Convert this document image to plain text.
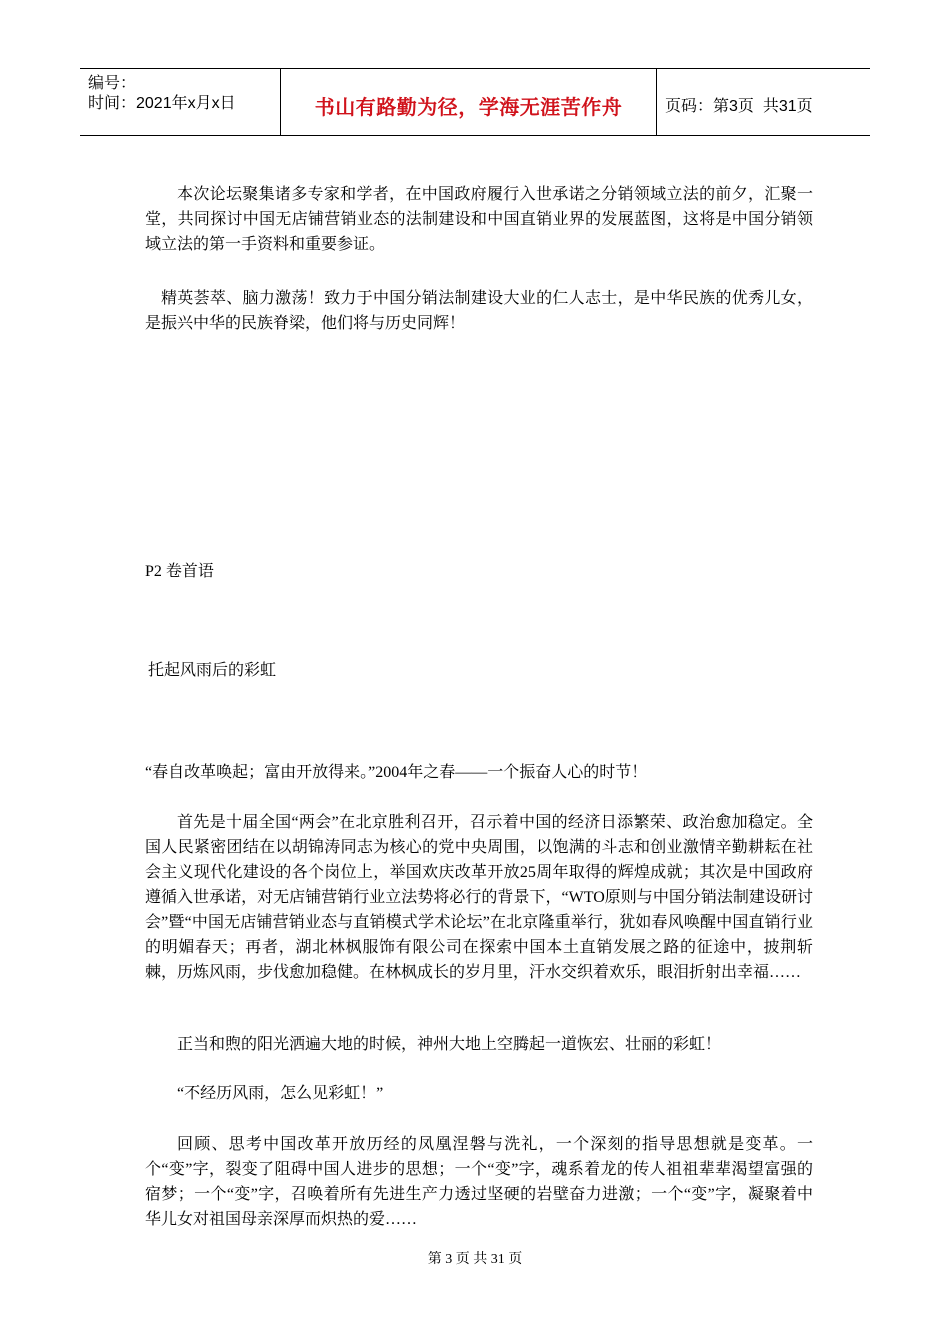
编号：
时间：2021年x月x日	书山有路勤为径，学海无涯苦作舟	页码：第3页  共31页

本次论坛聚集诸多专家和学者，在中国政府履行入世承诺之分销领域立法的前夕，汇聚一堂，共同探讨中国无店铺营销业态的法制建设和中国直销业界的发展蓝图，这将是中国分销领域立法的第一手资料和重要参证。

精英荟萃、脑力激荡！致力于中国分销法制建设大业的仁人志士，是中华民族的优秀儿女，是振兴中华的民族脊梁，他们将与历史同辉！

P2 卷首语

托起风雨后的彩虹

“春自改革唤起；富由开放得来。”2004年之春——一个振奋人心的时节！

首先是十届全国“两会”在北京胜利召开，召示着中国的经济日添繁荣、政治愈加稳定。全国人民紧密团结在以胡锦涛同志为核心的党中央周围，以饱满的斗志和创业激情辛勤耕耘在社会主义现代化建设的各个岗位上，举国欢庆改革开放25周年取得的辉煌成就；其次是中国政府遵循入世承诺，对无店铺营销行业立法势将必行的背景下，“WTO原则与中国分销法制建设研讨会”暨“中国无店铺营销业态与直销模式学术论坛”在北京隆重举行，犹如春风唤醒中国直销行业的明媚春天；再者，湖北林枫服饰有限公司在探索中国本土直销发展之路的征途中，披荆斩棘，历炼风雨，步伐愈加稳健。在林枫成长的岁月里，汗水交织着欢乐，眼泪折射出幸福……

正当和煦的阳光洒遍大地的时候，神州大地上空腾起一道恢宏、壮丽的彩虹！

“不经历风雨，怎么见彩虹！”

回顾、思考中国改革开放历经的凤凰涅磐与洗礼，一个深刻的指导思想就是变革。一个“变”字，裂变了阻碍中国人进步的思想；一个“变”字，魂系着龙的传人祖祖辈辈渴望富强的宿梦；一个“变”字，召唤着所有先进生产力透过坚硬的岩壁奋力进激；一个“变”字，凝聚着中华儿女对祖国母亲深厚而炽热的爱……

第 3 页 共 31 页
